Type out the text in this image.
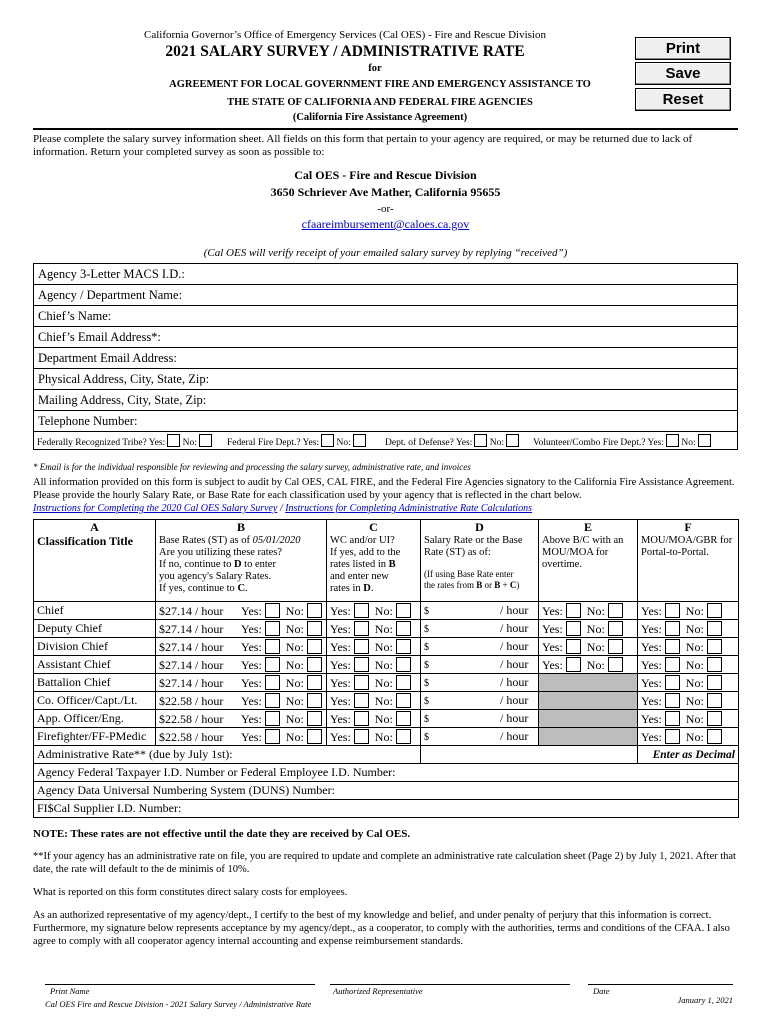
California Governor’s Office of Emergency Services (Cal OES) - Fire and Rescue Division
2021 SALARY SURVEY / ADMINISTRATIVE RATE
for
AGREEMENT FOR LOCAL GOVERNMENT FIRE AND EMERGENCY ASSISTANCE TO
THE STATE OF CALIFORNIA AND FEDERAL FIRE AGENCIES
(California Fire Assistance Agreement)
Print
Save
Reset
Please complete the salary survey information sheet. All fields on this form that pertain to your agency are required, or may be returned due to lack of information. Return your completed survey as soon as possible to:
Cal OES - Fire and Rescue Division
3650 Schriever Ave Mather, California 95655
-or-
cfaareimbursement@caloes.ca.gov
(Cal OES will verify receipt of your emailed salary survey by replying “received”)
Agency 3-Letter MACS I.D.:
Agency / Department Name:
Chief’s Name:
Chief’s Email Address*:
Department Email Address:
Physical Address, City, State, Zip:
Mailing Address, City, State, Zip:
Telephone Number:
Federally Recognized Tribe? Yes: No:	Federal Fire Dept.? Yes: No:	Dept. of Defense? Yes: No:	Volunteer/Combo Fire Dept.? Yes: No:
* Email is for the individual responsible for reviewing and processing the salary survey, administrative rate, and invoices
All information provided on this form is subject to audit by Cal OES, CAL FIRE, and the Federal Fire Agencies signatory to the California Fire Assistance Agreement. Please provide the hourly Salary Rate, or Base Rate for each classification used by your agency that is reflected in the chart below.
Instructions for Completing the 2020 Cal OES Salary Survey / Instructions for Completing Administrative Rate Calculations
A	B	C	D	E	F
Classification Title	Base Rates (ST) as of 05/01/2020
Are you utilizing these rates?
If no, continue to D to enter
you agency's Salary Rates.
If yes, continue to C.	WC and/or UI?
If yes, add to the
rates listed in B
and enter new
rates in D.	Salary Rate or the Base
Rate (ST) as of:
(If using Base Rate enter
the rates from B or B + C)	Above B/C with an MOU/MOA for overtime.	MOU/MOA/GBR for Portal-to-Portal.
Chief	$27.14 / hour Yes: No:	Yes: No:	$ / hour	Yes: No:	Yes: No:
Deputy Chief	$27.14 / hour Yes: No:	Yes: No:	$ / hour	Yes: No:	Yes: No:
Division Chief	$27.14 / hour Yes: No:	Yes: No:	$ / hour	Yes: No:	Yes: No:
Assistant Chief	$27.14 / hour Yes: No:	Yes: No:	$ / hour	Yes: No:	Yes: No:
Battalion Chief	$27.14 / hour Yes: No:	Yes: No:	$ / hour		Yes: No:
Co. Officer/Capt./Lt.	$22.58 / hour Yes: No:	Yes: No:	$ / hour		Yes: No:
App. Officer/Eng.	$22.58 / hour Yes: No:	Yes: No:	$ / hour		Yes: No:
Firefighter/FF-PMedic	$22.58 / hour Yes: No:	Yes: No:	$ / hour		Yes: No:
Administrative Rate** (due by July 1st):					Enter as Decimal
Agency Federal Taxpayer I.D. Number or Federal Employee I.D. Number:					
Agency Data Universal Numbering System (DUNS) Number:					
FI$Cal Supplier I.D. Number:					
NOTE: These rates are not effective until the date they are received by Cal OES.
**If your agency has an administrative rate on file, you are required to update and complete an administrative rate calculation sheet (Page 2) by July 1, 2021. After that date, the rate will default to the de minimis of 10%.
What is reported on this form constitutes direct salary costs for employees.
As an authorized representative of my agency/dept., I certify to the best of my knowledge and belief, and under penalty of perjury that this information is correct. Furthermore, my signature below represents acceptance by my agency/dept., as a cooperator, to comply with the authorities, terms and conditions of the CFAA. I also agree to comply with all cooperator agency internal accounting and expense reimbursement standards.
Print Name	Authorized Representative	Date
Cal OES Fire and Rescue Division - 2021 Salary Survey / Administrative Rate	January 1, 2021
